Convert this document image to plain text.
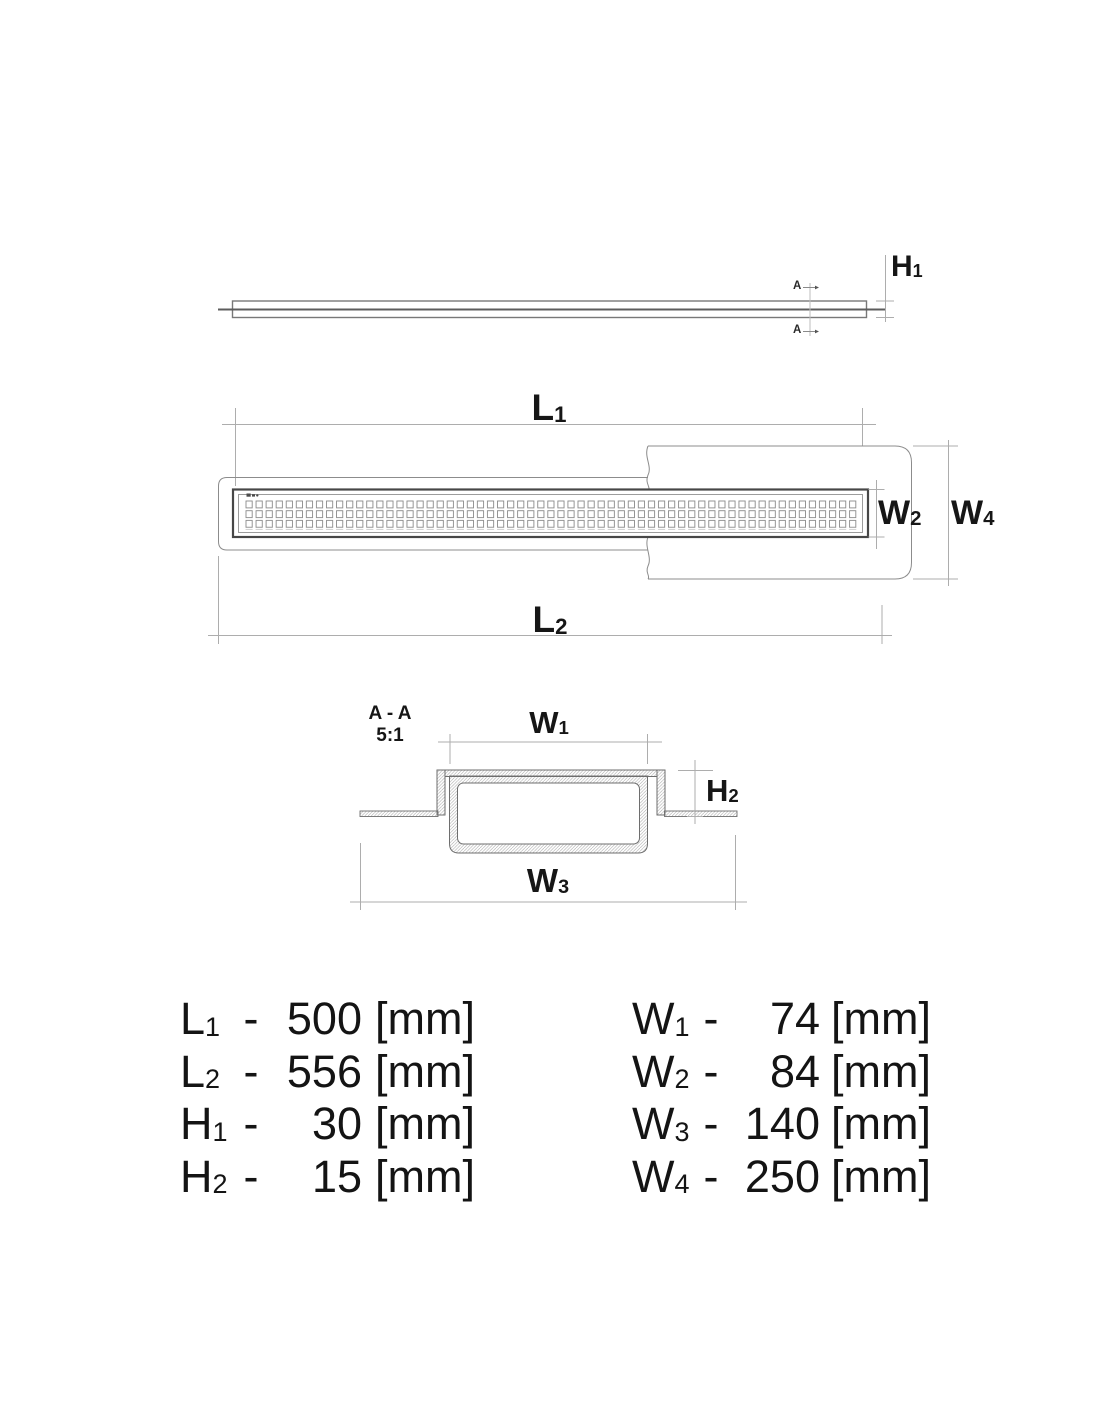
H1
L1
L2
W2 W4
W1
H2
W3
A - A
5:1
A
A
L1 - 500 [mm]
L2 - 556 [mm]
H1 -	30 [mm]
H2 -	15 [mm]
W1 -	74 [mm]
W2 -	84 [mm]
W3 - 140 [mm]
W4 - 250 [mm]
